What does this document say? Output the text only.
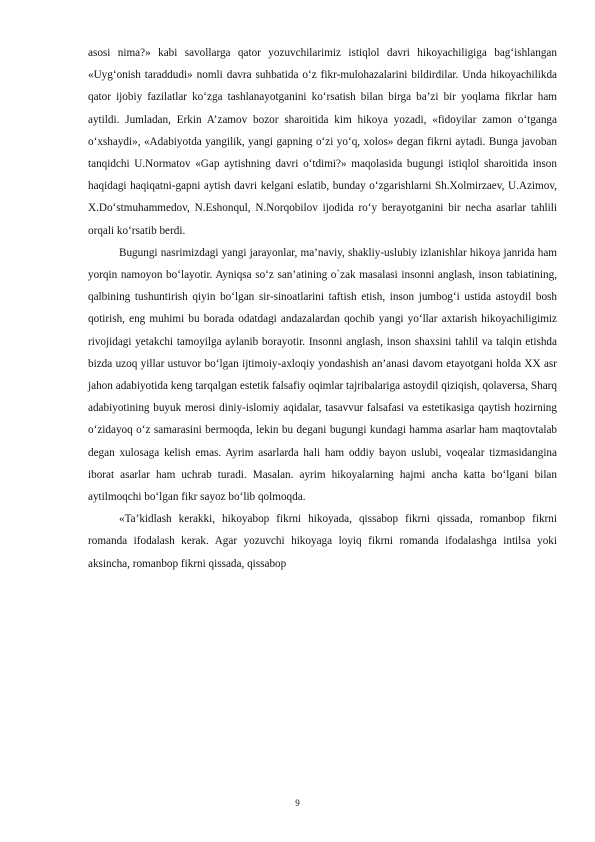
asosi nima?» kabi savollarga qator yozuvchilarimiz istiqlol davri hikoyachiligiga bag‘ishlangan «Uyg‘onish taraddudi» nomli davra suhbatida o‘z fikr-mulohazalarini bildirdilar. Unda hikoyachilikda qator ijobiy fazilatlar ko‘zga tashlanayotganini ko‘rsatish bilan birga ba’zi bir yoqlama fikrlar ham aytildi. Jumladan, Erkin A’zamov bozor sharoitida kim hikoya yozadi, «fidoyilar zamon o‘tganga o‘xshaydi», «Adabiyotda yangilik, yangi gapning o‘zi yo‘q, xolos» degan fikrni aytadi. Bunga javoban tanqidchi U.Normatov «Gap aytishning davri o‘tdimi?» maqolasida bugungi istiqlol sharoitida inson haqidagi haqiqatni-gapni aytish davri kelgani eslatib, bunday o‘zgarishlarni Sh.Xolmirzaev, U.Azimov, X.Do‘stmuhammedov, N.Eshonqul, N.Norqobilov ijodida ro‘y berayotganini bir necha asarlar tahlili orqali ko‘rsatib berdi.

Bugungi nasrimizdagi yangi jarayonlar, ma’naviy, shakliy-uslubiy izlanishlar hikoya janrida ham yorqin namoyon bo‘layotir. Ayniqsa so‘z san’atining o`zak masalasi insonni anglash, inson tabiatining, qalbining tushuntirish qiyin bo‘lgan sir-sinoatlarini taftish etish, inson jumbog‘i ustida astoydil bosh qotirish, eng muhimi bu borada odatdagi andazalardan qochib yangi yo‘llar axtarish hikoyachiligimiz rivojidagi yetakchi tamoyilga aylanib borayotir. Insonni anglash, inson shaxsini tahlil va talqin etishda bizda uzoq yillar ustuvor bo‘lgan ijtimoiy-axloqiy yondashish an’anasi davom etayotgani holda XX asr jahon adabiyotida keng tarqalgan estetik falsafiy oqimlar tajribalariga astoydil qiziqish, qolaversa, Sharq adabiyotining buyuk merosi diniy-islomiy aqidalar, tasavvur falsafasi va estetikasiga qaytish hozirning o‘zidayoq o‘z samarasini bermoqda, lekin bu degani bugungi kundagi hamma asarlar ham maqtovtalab degan xulosaga kelish emas. Ayrim asarlarda hali ham oddiy bayon uslubi, voqealar tizmasidangina iborat asarlar ham uchrab turadi. Masalan. ayrim hikoyalarning hajmi ancha katta bo‘lgani bilan aytilmoqchi bo‘lgan fikr sayoz bo‘lib qolmoqda.

«Ta’kidlash kerakki, hikoyabop fikrni hikoyada, qissabop fikrni qissada, romanbop fikrni romanda ifodalash kerak. Agar yozuvchi hikoyaga loyiq fikrni romanda ifodalashga intilsa yoki aksincha, romanbop fikrni qissada, qissabop

9
